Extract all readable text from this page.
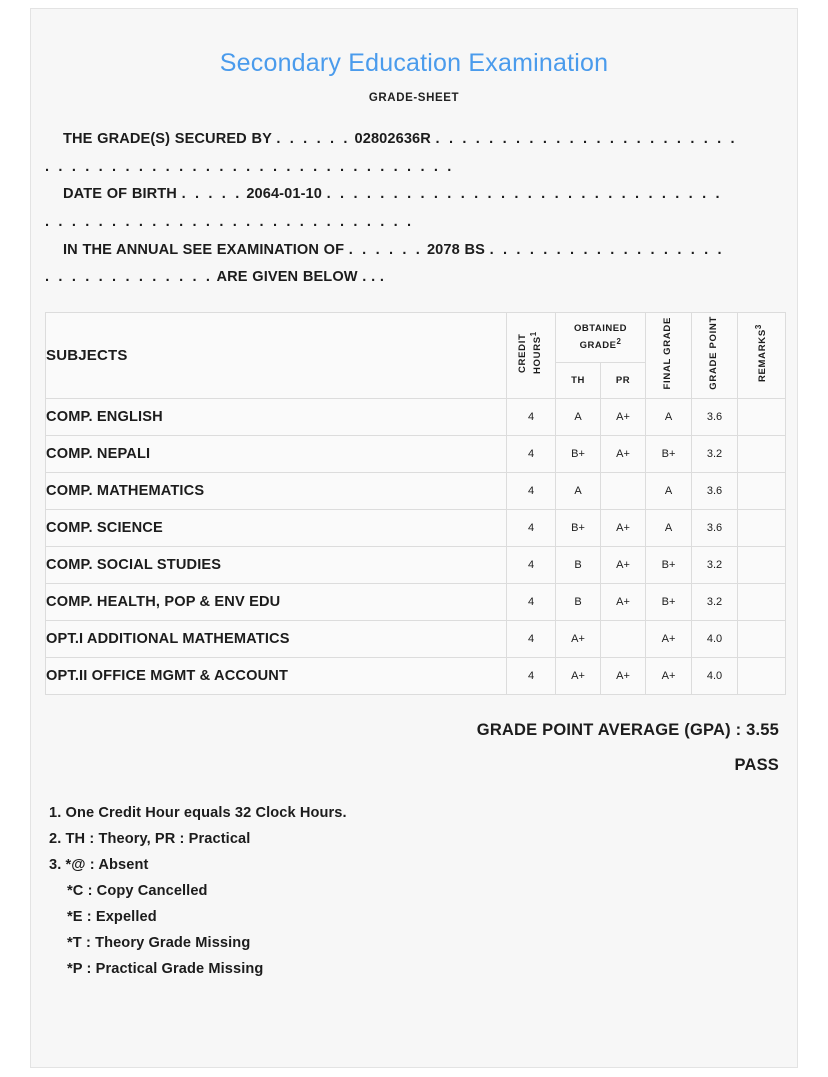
Secondary Education Examination
GRADE-SHEET
THE GRADE(S) SECURED BY . . . . . . 02802636R . . . . . . . . . . . . . . . . . . . . . . .
. . . . . . . . . . . . . . . . . . . . . . . . . . . . . . .
DATE OF BIRTH . . . . . 2064-01-10 . . . . . . . . . . . . . . . . . . . . . . . . . . . . . .
. . . . . . . . . . . . . . . . . . . . . . . . . . . .
IN THE ANNUAL SEE EXAMINATION OF . . . . . . 2078 BS . . . . . . . . . . . . . . . . . .
. . . . . . . . . . . . . ARE GIVEN BELOW . . .
SUBJECTS	CREDIT HOURS$^1$	OBTAINED
GRADE$^2$		FINAL GRADE	GRADE POINT	REMARKS$^3$
		TH	PR			
COMP. ENGLISH	4	A	A+	A	3.6	
COMP. NEPALI	4	B+	A+	B+	3.2	
COMP. MATHEMATICS	4	A		A	3.6	
COMP. SCIENCE	4	B+	A+	A	3.6	
COMP. SOCIAL STUDIES	4	B	A+	B+	3.2	
COMP. HEALTH, POP & ENV EDU	4	B	A+	B+	3.2	
OPT.I ADDITIONAL MATHEMATICS	4	A+		A+	4.0	
OPT.II OFFICE MGMT & ACCOUNT	4	A+	A+	A+	4.0	
GRADE POINT AVERAGE (GPA) : 3.55
PASS
1. One Credit Hour equals 32 Clock Hours.
2. TH : Theory, PR : Practical
3. *@ : Absent
*C : Copy Cancelled
*E : Expelled
*T : Theory Grade Missing
*P : Practical Grade Missing
